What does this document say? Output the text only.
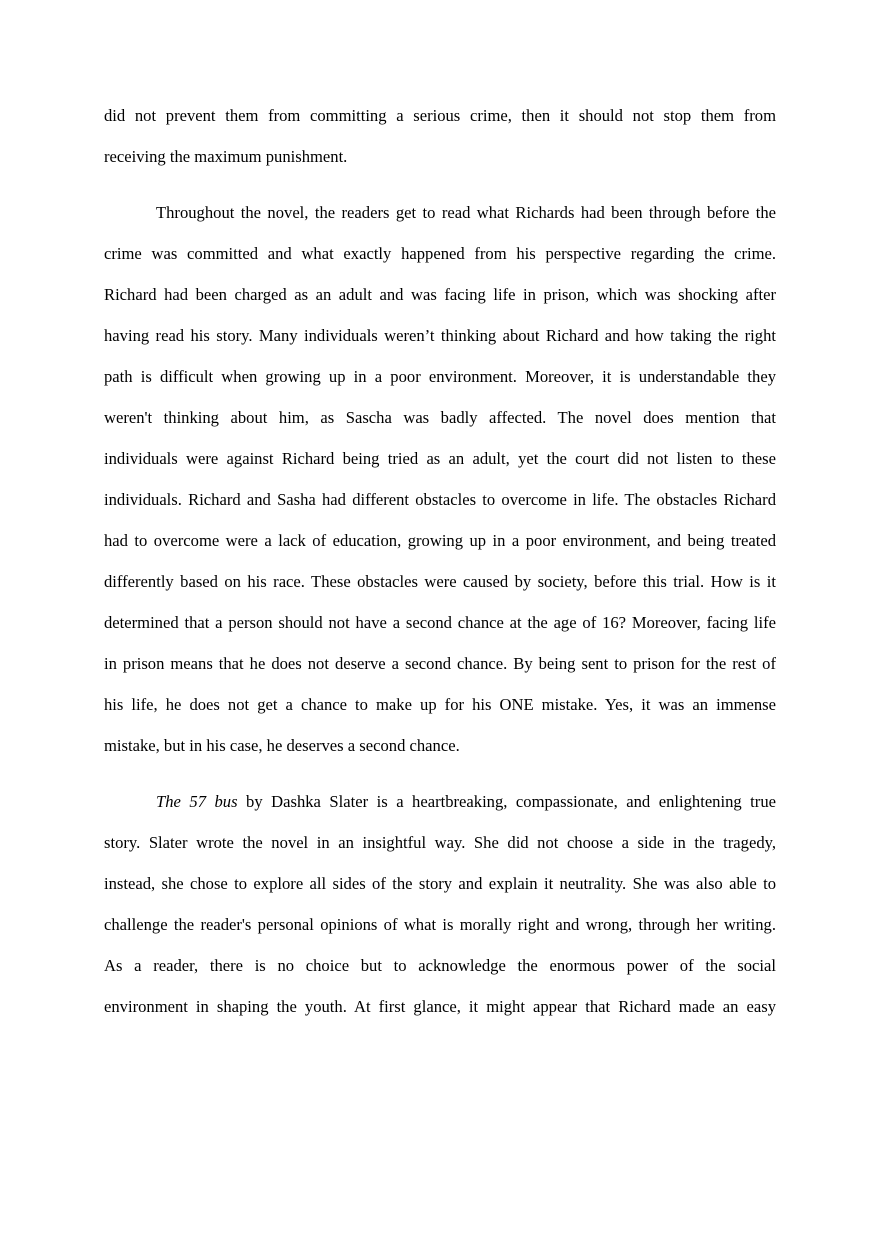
did not prevent them from committing a serious crime, then it should not stop them from
receiving the maximum punishment.
Throughout the novel, the readers get to read what Richards had been through before the
crime was committed and what exactly happened from his perspective regarding the crime.
Richard had been charged as an adult and was facing life in prison, which was shocking after
having read his story. Many individuals weren’t thinking about Richard and how taking the right
path is difficult when growing up in a poor environment. Moreover, it is understandable they
weren't thinking about him, as Sascha was badly affected. The novel does mention that
individuals were against Richard being tried as an adult, yet the court did not listen to these
individuals. Richard and Sasha had different obstacles to overcome in life. The obstacles Richard
had to overcome were a lack of education, growing up in a poor environment, and being treated
differently based on his race. These obstacles were caused by society, before this trial. How is it
determined that a person should not have a second chance at the age of 16? Moreover, facing life
in prison means that he does not deserve a second chance. By being sent to prison for the rest of
his life, he does not get a chance to make up for his ONE mistake. Yes, it was an immense
mistake, but in his case, he deserves a second chance.
The 57 bus by Dashka Slater is a heartbreaking, compassionate, and enlightening true
story. Slater wrote the novel in an insightful way. She did not choose a side in the tragedy,
instead, she chose to explore all sides of the story and explain it neutrality. She was also able to
challenge the reader's personal opinions of what is morally right and wrong, through her writing.
As a reader, there is no choice but to acknowledge the enormous power of the social
environment in shaping the youth. At first glance, it might appear that Richard made an easy
